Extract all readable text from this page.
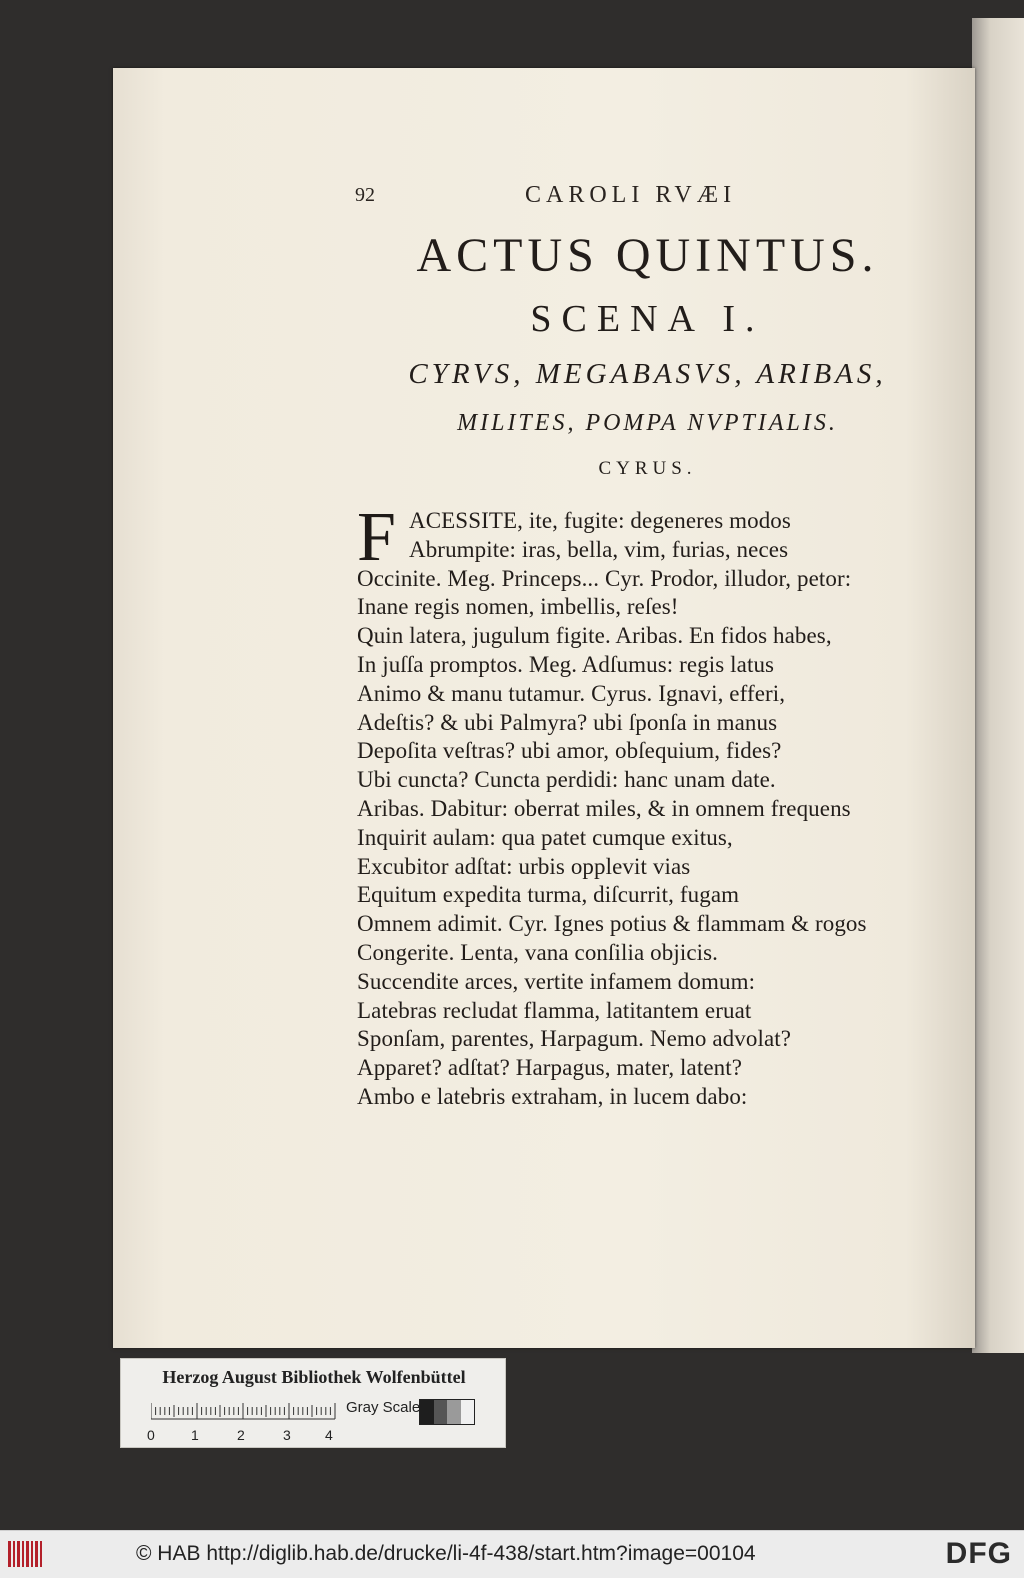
92	CAROLI RVÆI
ACTUS QUINTUS.
SCENA I.
CYRVS, MEGABASVS, ARIBAS,
MILITES, POMPA NVPTIALIS.
CYRUS.
F ACESSITE, ite, fugite: degeneres modos
Abrumpite: iras, bella, vim, furias, neces
Occinite. Meg. Princeps... Cyr. Prodor, illudor, petor:
Inane regis nomen, imbellis, reſes!
Quin latera, jugulum figite. Aribas. En fidos habes,
In juſſa promptos. Meg. Adſumus: regis latus
Animo & manu tutamur. Cyrus. Ignavi, efferi,
Adeſtis? & ubi Palmyra? ubi ſponſa in manus
Depoſita veſtras? ubi amor, obſequium, fides?
Ubi cuncta? Cuncta perdidi: hanc unam date.
Aribas. Dabitur: oberrat miles, & in omnem frequens
Inquirit aulam: qua patet cumque exitus,
Excubitor adſtat: urbis opplevit vias
Equitum expedita turma, diſcurrit, fugam
Omnem adimit. Cyr. Ignes potius & flammam & rogos
Congerite. Lenta, vana conſilia objicis.
Succendite arces, vertite infamem domum:
Latebras recludat flamma, latitantem eruat
Sponſam, parentes, Harpagum. Nemo advolat?
Apparet? adſtat? Harpagus, mater, latent?
Ambo e latebris extraham, in lucem dabo:
Herzog August Bibliothek Wolfenbüttel
0	1	2	3 4
Gray Scale
© HAB http://diglib.hab.de/drucke/li-4f-438/start.htm?image=00104	DFG
